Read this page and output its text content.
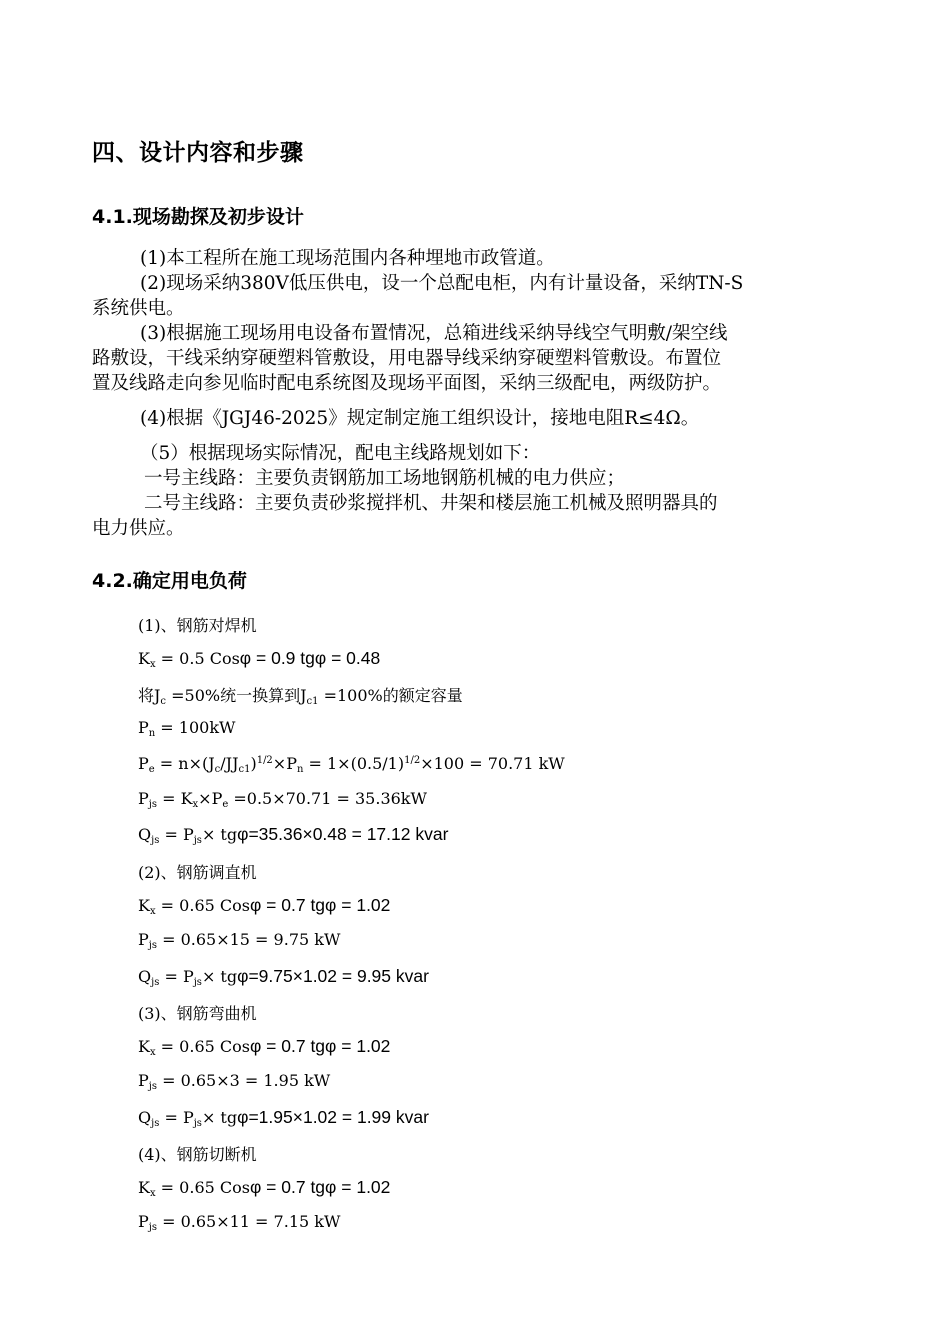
四、设计内容和步骤
4.1.现场勘探及初步设计
(1)本工程所在施工现场范围内各种埋地市政管道。
(2)现场采纳380V低压供电，设一个总配电柜，内有计量设备，采纳TN-S
系统供电。
(3)根据施工现场用电设备布置情况，总箱进线采纳导线空气明敷/架空线
路敷设，干线采纳穿硬塑料管敷设，用电器导线采纳穿硬塑料管敷设。布置位
置及线路走向参见临时配电系统图及现场平面图，采纳三级配电，两级防护。
(4)根据《JGJ46-2025》规定制定施工组织设计，接地电阻R≤4Ω。
（5）根据现场实际情况，配电主线路规划如下：
一号主线路：主要负责钢筋加工场地钢筋机械的电力供应；
二号主线路：主要负责砂浆搅拌机、井架和楼层施工机械及照明器具的
电力供应。
4.2.确定用电负荷
(1)、钢筋对焊机
$K_x = 0.5$ Cosφ = 0.9 tgφ = 0.48
将$J_c =50\%$统一换算到$J_{c1} =100\%$的额定容量
$P_n = 100kW$
$P_e = n\times(J_c/JJ_{c1})^{1/2}\times P_n = 1\times(0.5/1)^{1/2}\times 100 = 70.71$ kW
$P_{js} = K_x\times P_e =0.5\times 70.71 = 35.36kW$
$Q_{js} = P_{js}\times tg\varphi=35.36\times 0.48 = 17.12$ kvar
(2)、钢筋调直机
$K_x = 0.65$ Cosφ = 0.7 tgφ = 1.02
$P_{js} = 0.65\times 15 = 9.75$ kW
$Q_{js} = P_{js}\times tg\varphi=9.75\times 1.02 = 9.95$ kvar
(3)、钢筋弯曲机
$K_x = 0.65$ Cosφ = 0.7 tgφ = 1.02
$P_{js} = 0.65\times 3 = 1.95$ kW
$Q_{js} = P_{js}\times tg\varphi=1.95\times 1.02 = 1.99$ kvar
(4)、钢筋切断机
$K_x = 0.65$ Cosφ = 0.7 tgφ = 1.02
$P_{js} = 0.65\times 11 = 7.15$ kW
